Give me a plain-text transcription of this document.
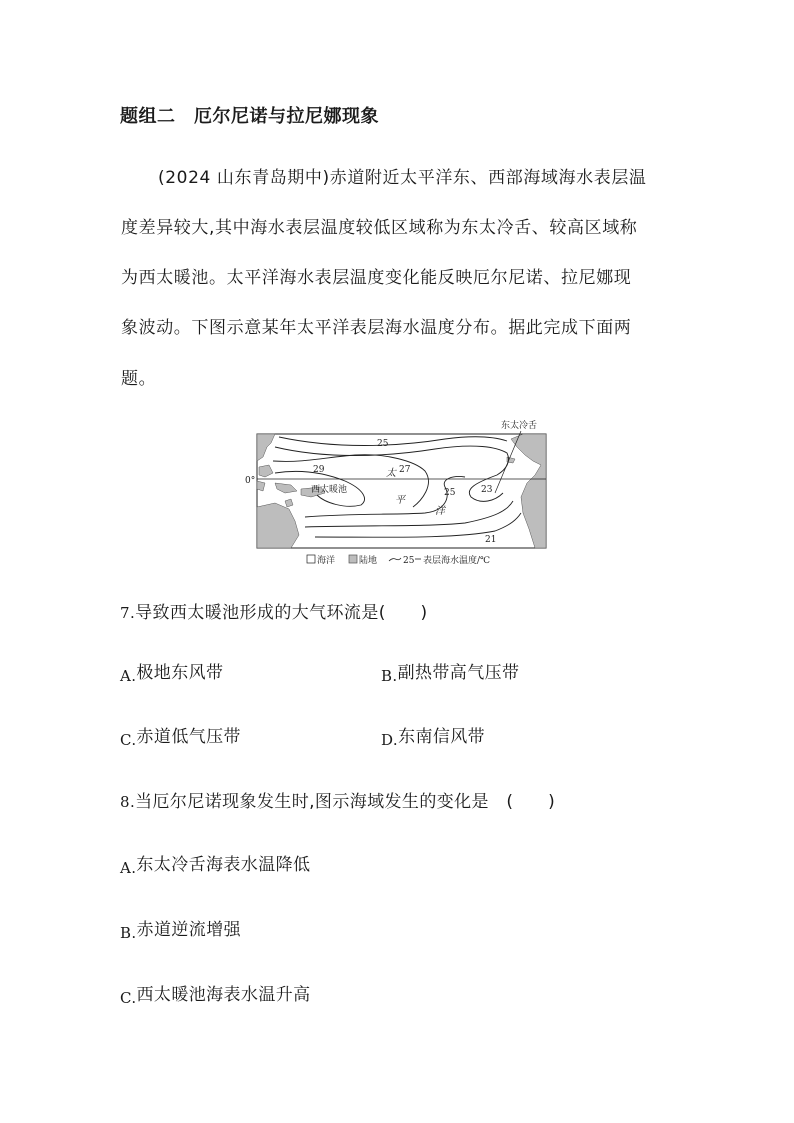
题组二　厄尔尼诺与拉尼娜现象
(2024 山东青岛期中)赤道附近太平洋东、西部海域海水表层温
度差异较大,其中海水表层温度较低区域称为东太冷舌、较高区域称
为西太暖池。太平洋海水表层温度变化能反映厄尔尼诺、拉尼娜现
象波动。下图示意某年太平洋表层海水温度分布。据此完成下面两
题。
0°
25
29	27
25	23
21
太
平
洋
西太暖池
东太冷舌
海洋	陆地	25 表层海水温度/℃
7.导致西太暖池形成的大气环流是(　　)
A.极地东风带	B.副热带高气压带
C.赤道低气压带	D.东南信风带
8.当厄尔尼诺现象发生时,图示海域发生的变化是　(　　)
A.东太冷舌海表水温降低
B.赤道逆流增强
C.西太暖池海表水温升高
